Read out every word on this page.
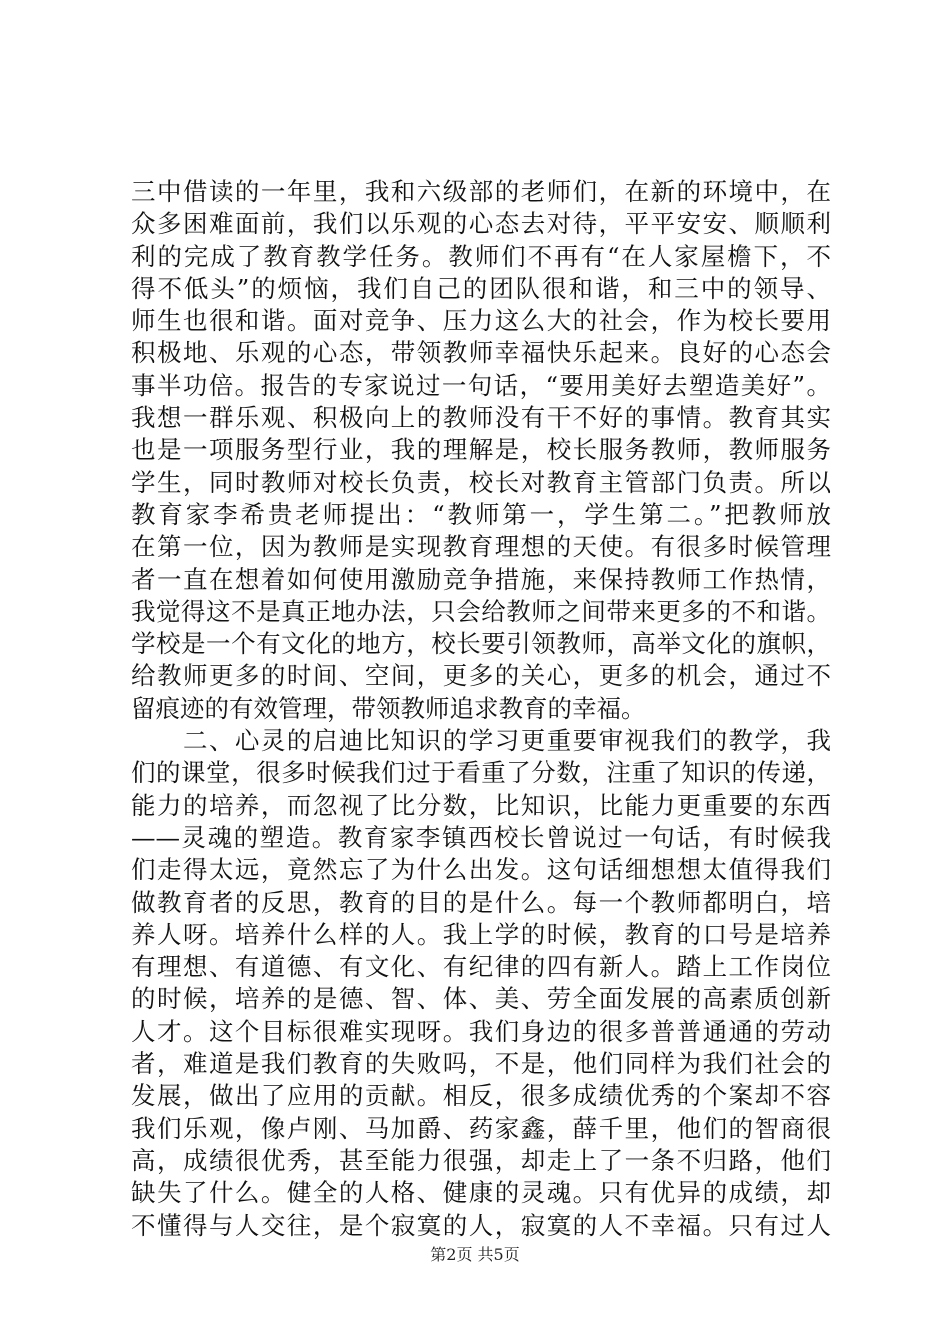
三中借读的一年里，我和六级部的老师们，在新的环境中，在
众多困难面前，我们以乐观的心态去对待，平平安安、顺顺利
利的完成了教育教学任务。教师们不再有“在人家屋檐下，不
得不低头”的烦恼，我们自己的团队很和谐，和三中的领导、
师生也很和谐。面对竞争、压力这么大的社会，作为校长要用
积极地、乐观的心态，带领教师幸福快乐起来。良好的心态会
事半功倍。报告的专家说过一句话，“要用美好去塑造美好”。
我想一群乐观、积极向上的教师没有干不好的事情。教育其实
也是一项服务型行业，我的理解是，校长服务教师，教师服务
学生，同时教师对校长负责，校长对教育主管部门负责。所以
教育家李希贵老师提出：“教师第一，学生第二。”把教师放
在第一位，因为教师是实现教育理想的天使。有很多时候管理
者一直在想着如何使用激励竞争措施，来保持教师工作热情，
我觉得这不是真正地办法，只会给教师之间带来更多的不和谐。
学校是一个有文化的地方，校长要引领教师，高举文化的旗帜，
给教师更多的时间、空间，更多的关心，更多的机会，通过不
留痕迹的有效管理，带领教师追求教育的幸福。
　　二、心灵的启迪比知识的学习更重要审视我们的教学，我
们的课堂，很多时候我们过于看重了分数，注重了知识的传递，
能力的培养，而忽视了比分数，比知识，比能力更重要的东西
——灵魂的塑造。教育家李镇西校长曾说过一句话，有时候我
们走得太远，竟然忘了为什么出发。这句话细想想太值得我们
做教育者的反思，教育的目的是什么。每一个教师都明白，培
养人呀。培养什么样的人。我上学的时候，教育的口号是培养
有理想、有道德、有文化、有纪律的四有新人。踏上工作岗位
的时候，培养的是德、智、体、美、劳全面发展的高素质创新
人才。这个目标很难实现呀。我们身边的很多普普通通的劳动
者，难道是我们教育的失败吗，不是，他们同样为我们社会的
发展，做出了应用的贡献。相反，很多成绩优秀的个案却不容
我们乐观，像卢刚、马加爵、药家鑫，薛千里，他们的智商很
高，成绩很优秀，甚至能力很强，却走上了一条不归路，他们
缺失了什么。健全的人格、健康的灵魂。只有优异的成绩，却
不懂得与人交往，是个寂寞的人，寂寞的人不幸福。只有过人
第2页 共5页
